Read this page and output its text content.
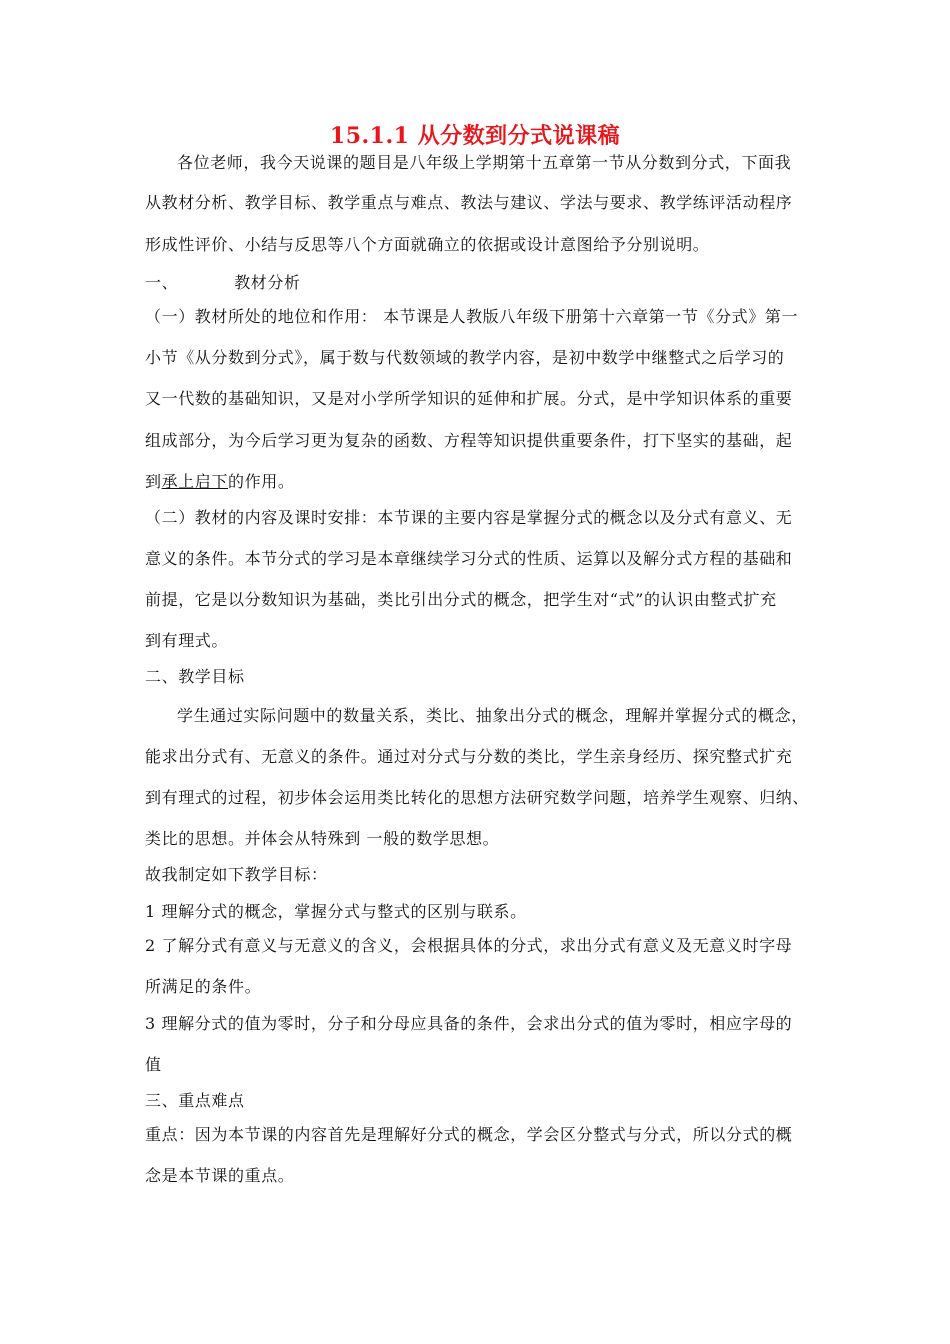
15.1.1 从分数到分式说课稿
各位老师，我今天说课的题目是八年级上学期第十五章第一节从分数到分式，下面我
从教材分析、教学目标、教学重点与难点、教法与建议、学法与要求、教学练评活动程序
形成性评价、小结与反思等八个方面就确立的依据或设计意图给予分别说明。
一、	教材分析
（一）教材所处的地位和作用： 本节课是人教版八年级下册第十六章第一节《分式》第一
小节《从分数到分式》，属于数与代数领域的教学内容，是初中数学中继整式之后学习的
又一代数的基础知识，又是对小学所学知识的延伸和扩展。分式，是中学知识体系的重要
组成部分，为今后学习更为复杂的函数、方程等知识提供重要条件，打下坚实的基础，起
到承上启下的作用。
（二）教材的内容及课时安排：本节课的主要内容是掌握分式的概念以及分式有意义、无
意义的条件。本节分式的学习是本章继续学习分式的性质、运算以及解分式方程的基础和
前提，它是以分数知识为基础，类比引出分式的概念，把学生对“式”的认识由整式扩充
到有理式。
二、教学目标
学生通过实际问题中的数量关系，类比、抽象出分式的概念，理解并掌握分式的概念，
能求出分式有、无意义的条件。通过对分式与分数的类比，学生亲身经历、探究整式扩充
到有理式的过程，初步体会运用类比转化的思想方法研究数学问题，培养学生观察、归纳、
类比的思想。并体会从特殊到 一般的数学思想。
故我制定如下教学目标：
1 理解分式的概念，掌握分式与整式的区别与联系。
2 了解分式有意义与无意义的含义，会根据具体的分式，求出分式有意义及无意义时字母
所满足的条件。
3 理解分式的值为零时，分子和分母应具备的条件，会求出分式的值为零时，相应字母的
值
三、重点难点
重点：因为本节课的内容首先是理解好分式的概念，学会区分整式与分式，所以分式的概
念是本节课的重点。
